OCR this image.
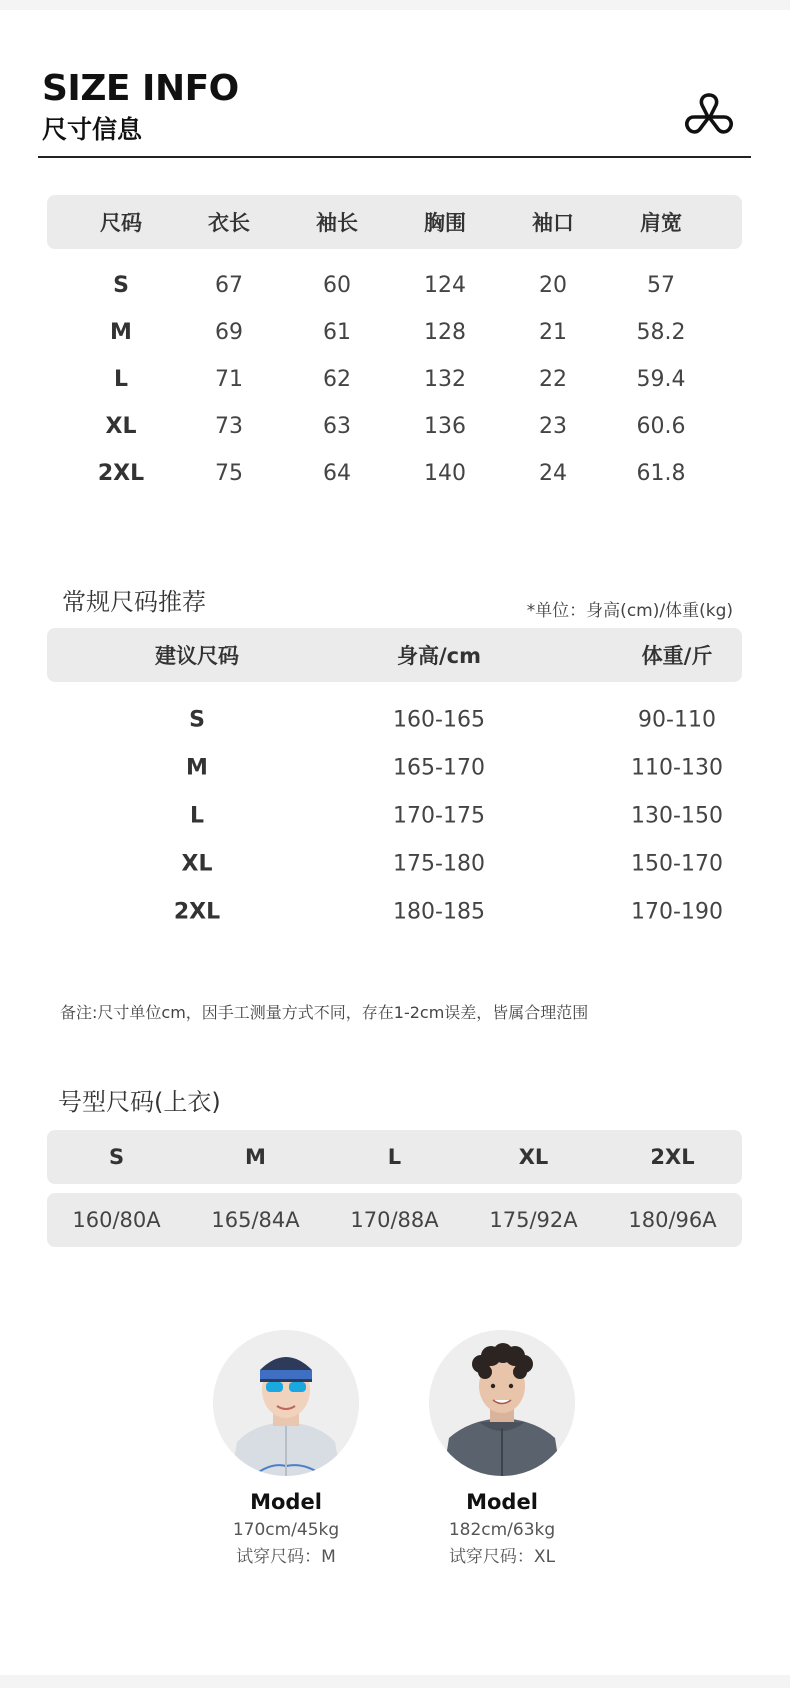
SIZE INFO
尺寸信息
尺码	衣长	袖长	胸围	袖口	肩宽
S	67	60	124	20	57
M	69	61	128	21	58.2
L	71	62	132	22	59.4
XL	73	63	136	23	60.6
2XL	75	64	140	24	61.8
常规尺码推荐	*单位：身高(cm)/体重(kg)
建议尺码	身高/cm	体重/斤
S	160-165	90-110
M	165-170	110-130
L	170-175	130-150
XL	175-180	150-170
2XL	180-185	170-190
备注:尺寸单位cm，因手工测量方式不同，存在1-2cm误差，皆属合理范围
号型尺码(上衣)
S	M	L	XL	2XL
160/80A	165/84A	170/88A	175/92A	180/96A
Model
170cm/45kg
试穿尺码：M
Model
182cm/63kg
试穿尺码：XL
